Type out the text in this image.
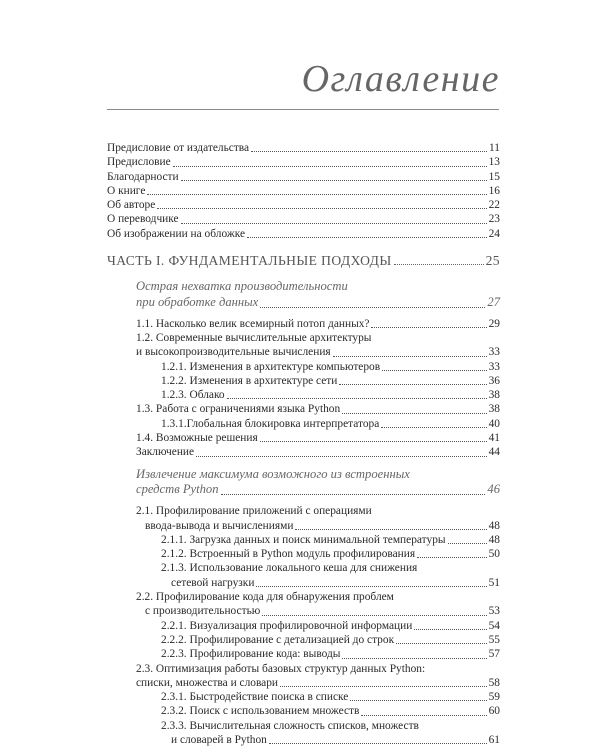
Оглавление
Предисловие от издательства	11
Предисловие	13
Благодарности	15
О книге	16
Об авторе	22
О переводчике	23
Об изображении на обложке	24
ЧАСТЬ I. ФУНДАМЕНТАЛЬНЫЕ ПОДХОДЫ	25
Острая нехватка производительности
при обработке данных	27
1.1. Насколько велик всемирный потоп данных?	29
1.2. Современные вычислительные архитектуры
и высокопроизводительные вычисления	33
1.2.1. Изменения в архитектуре компьютеров	33
1.2.2. Изменения в архитектуре сети	36
1.2.3. Облако	38
1.3. Работа с ограничениями языка Python	38
1.3.1.Глобальная блокировка интерпретатора	40
1.4. Возможные решения	41
Заключение	44
Извлечение максимума возможного из встроенных
средств Python	46
2.1. Профилирование приложений с операциями
ввода-вывода и вычислениями	48
2.1.1. Загрузка данных и поиск минимальной температуры	48
2.1.2. Встроенный в Python модуль профилирования	50
2.1.3. Использование локального кеша для снижения
сетевой нагрузки	51
2.2. Профилирование кода для обнаружения проблем
с производительностью	53
2.2.1. Визуализация профилировочной информации	54
2.2.2. Профилирование с детализацией до строк	55
2.2.3. Профилирование кода: выводы	57
2.3. Оптимизация работы базовых структур данных Python:
списки, множества и словари	58
2.3.1. Быстродействие поиска в списке	59
2.3.2. Поиск с использованием множеств	60
2.3.3. Вычислительная сложность списков, множеств
и словарей в Python	61
